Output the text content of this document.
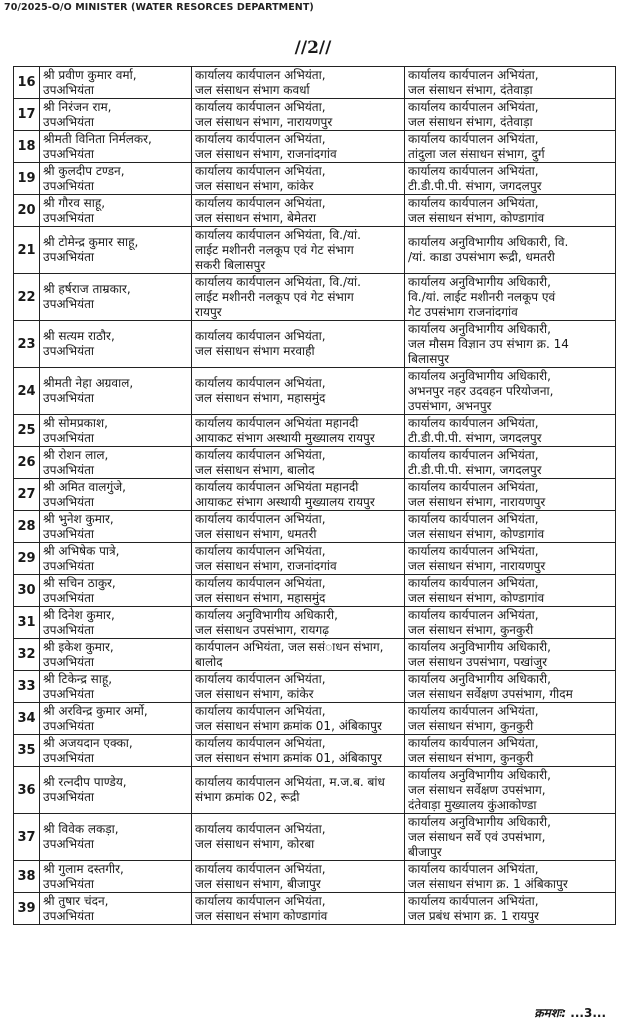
70/2025-O/O MINISTER (WATER RESORCES DEPARTMENT)
//2//
16	श्री प्रवीण कुमार वर्मा,
उपअभियंता	कार्यालय कार्यपालन अभियंता,
जल संसाधन संभाग कवर्धा	कार्यालय कार्यपालन अभियंता,
जल संसाधन संभाग, दंतेवाड़ा

17	श्री निरंजन राम,
उपअभियंता	कार्यालय कार्यपालन अभियंता,
जल संसाधन संभाग, नारायणपुर	कार्यालय कार्यपालन अभियंता,
जल संसाधन संभाग, दंतेवाड़ा

18	श्रीमती विनिता निर्मलकर,
उपअभियंता	कार्यालय कार्यपालन अभियंता,
जल संसाधन संभाग, राजनांदगांव	कार्यालय कार्यपालन अभियंता,
तांदुला जल संसाधन संभाग, दुर्ग

19	श्री कुलदीप टण्डन,
उपअभियंता	कार्यालय कार्यपालन अभियंता,
जल संसाधन संभाग, कांकेर	कार्यालय कार्यपालन अभियंता,
टी.डी.पी.पी. संभाग, जगदलपुर

20	श्री गौरव साहू,
उपअभियंता	कार्यालय कार्यपालन अभियंता,
जल संसाधन संभाग, बेमेतरा	कार्यालय कार्यपालन अभियंता,
जल संसाधन संभाग, कोण्डागांव

21	श्री टोमेन्द्र कुमार साहू,
उपअभियंता	कार्यालय कार्यपालन अभियंता, वि./यां.
लाईट मशीनरी नलकूप एवं गेट संभाग
सकरी बिलासपुर	कार्यालय अनुविभागीय अधिकारी, वि.
/यां. काडा उपसंभाग रूद्री, धमतरी

22	श्री हर्षराज ताम्रकार,
उपअभियंता	कार्यालय कार्यपालन अभियंता, वि./यां.
लाईट मशीनरी नलकूप एवं गेट संभाग
रायपुर	कार्यालय अनुविभागीय अधिकारी,
वि./यां. लाईट मशीनरी नलकूप एवं
गेट उपसंभाग राजनांदगांव

23	श्री सत्यम राठौर,
उपअभियंता	कार्यालय कार्यपालन अभियंता,
जल संसाधन संभाग मरवाही	कार्यालय अनुविभागीय अधिकारी,
जल मौसम विज्ञान उप संभाग क्र. 14
बिलासपुर

24	श्रीमती नेहा अग्रवाल,
उपअभियंता	कार्यालय कार्यपालन अभियंता,
जल संसाधन संभाग, महासमुंद	कार्यालय अनुविभागीय अधिकारी,
अभनपुर नहर उदवहन परियोजना,
उपसंभाग, अभनपुर

25	श्री सोमप्रकाश,
उपअभियंता	कार्यालय कार्यपालन अभियंता महानदी
आयाकट संभाग अस्थायी मुख्यालय रायपुर	कार्यालय कार्यपालन अभियंता,
टी.डी.पी.पी. संभाग, जगदलपुर

26	श्री रोशन लाल,
उपअभियंता	कार्यालय कार्यपालन अभियंता,
जल संसाधन संभाग, बालोद	कार्यालय कार्यपालन अभियंता,
टी.डी.पी.पी. संभाग, जगदलपुर

27	श्री अमित वालगुंजे,
उपअभियंता	कार्यालय कार्यपालन अभियंता महानदी
आयाकट संभाग अस्थायी मुख्यालय रायपुर	कार्यालय कार्यपालन अभियंता,
जल संसाधन संभाग, नारायणपुर

28	श्री भुनेश कुमार,
उपअभियंता	कार्यालय कार्यपालन अभियंता,
जल संसाधन संभाग, धमतरी	कार्यालय कार्यपालन अभियंता,
जल संसाधन संभाग, कोण्डागांव

29	श्री अभिषेक पात्रे,
उपअभियंता	कार्यालय कार्यपालन अभियंता,
जल संसाधन संभाग, राजनांदगांव	कार्यालय कार्यपालन अभियंता,
जल संसाधन संभाग, नारायणपुर

30	श्री सचिन ठाकुर,
उपअभियंता	कार्यालय कार्यपालन अभियंता,
जल संसाधन संभाग, महासमुंद	कार्यालय कार्यपालन अभियंता,
जल संसाधन संभाग, कोण्डागांव

31	श्री दिनेश कुमार,
उपअभियंता	कार्यालय अनुविभागीय अधिकारी,
जल संसाधन उपसंभाग, रायगढ़	कार्यालय कार्यपालन अभियंता,
जल संसाधन संभाग, कुनकुरी

32	श्री इकेश कुमार,
उपअभियंता	कार्यपालन अभियंता, जल ससंाधन संभाग,
बालोद	कार्यालय अनुविभागीय अधिकारी,
जल संसाधन उपसंभाग, पखांजुर

33	श्री टिकेन्द्र साहू,
उपअभियंता	कार्यालय कार्यपालन अभियंता,
जल संसाधन संभाग, कांकेर	कार्यालय अनुविभागीय अधिकारी,
जल संसाधन सर्वेक्षण उपसंभाग, गीदम

34	श्री अरविन्द्र कुमार अर्मो,
उपअभियंता	कार्यालय कार्यपालन अभियंता,
जल संसाधन संभाग क्रमांक 01, अंबिकापुर	कार्यालय कार्यपालन अभियंता,
जल संसाधन संभाग, कुनकुरी

35	श्री अजयदान एक्का,
उपअभियंता	कार्यालय कार्यपालन अभियंता,
जल संसाधन संभाग क्रमांक 01, अंबिकापुर	कार्यालय कार्यपालन अभियंता,
जल संसाधन संभाग, कुनकुरी

36	श्री रत्नदीप पाण्डेय,
उपअभियंता	कार्यालय कार्यपालन अभियंता, म.ज.ब. बांध
संभाग क्रमांक 02, रूद्री	कार्यालय अनुविभागीय अधिकारी,
जल संसाधन सर्वेक्षण उपसंभाग,
दंतेवाड़ा मुख्यालय कुंआकोण्डा

37	श्री विवेक लकड़ा,
उपअभियंता	कार्यालय कार्यपालन अभियंता,
जल संसाधन संभाग, कोरबा	कार्यालय अनुविभागीय अधिकारी,
जल संसाधन सर्वे एवं उपसंभाग,
बीजापुर

38	श्री गुलाम दस्तगीर,
उपअभियंता	कार्यालय कार्यपालन अभियंता,
जल संसाधन संभाग, बीजापुर	कार्यालय कार्यपालन अभियंता,
जल संसाधन संभाग क्र. 1 अंबिकापुर

39	श्री तुषार चंदन,
उपअभियंता	कार्यालय कार्यपालन अभियंता,
जल संसाधन संभाग कोण्डागांव	कार्यालय कार्यपालन अभियंता,
जल प्रबंध संभाग क्र. 1 रायपुर
क्रमशः: ...3...
